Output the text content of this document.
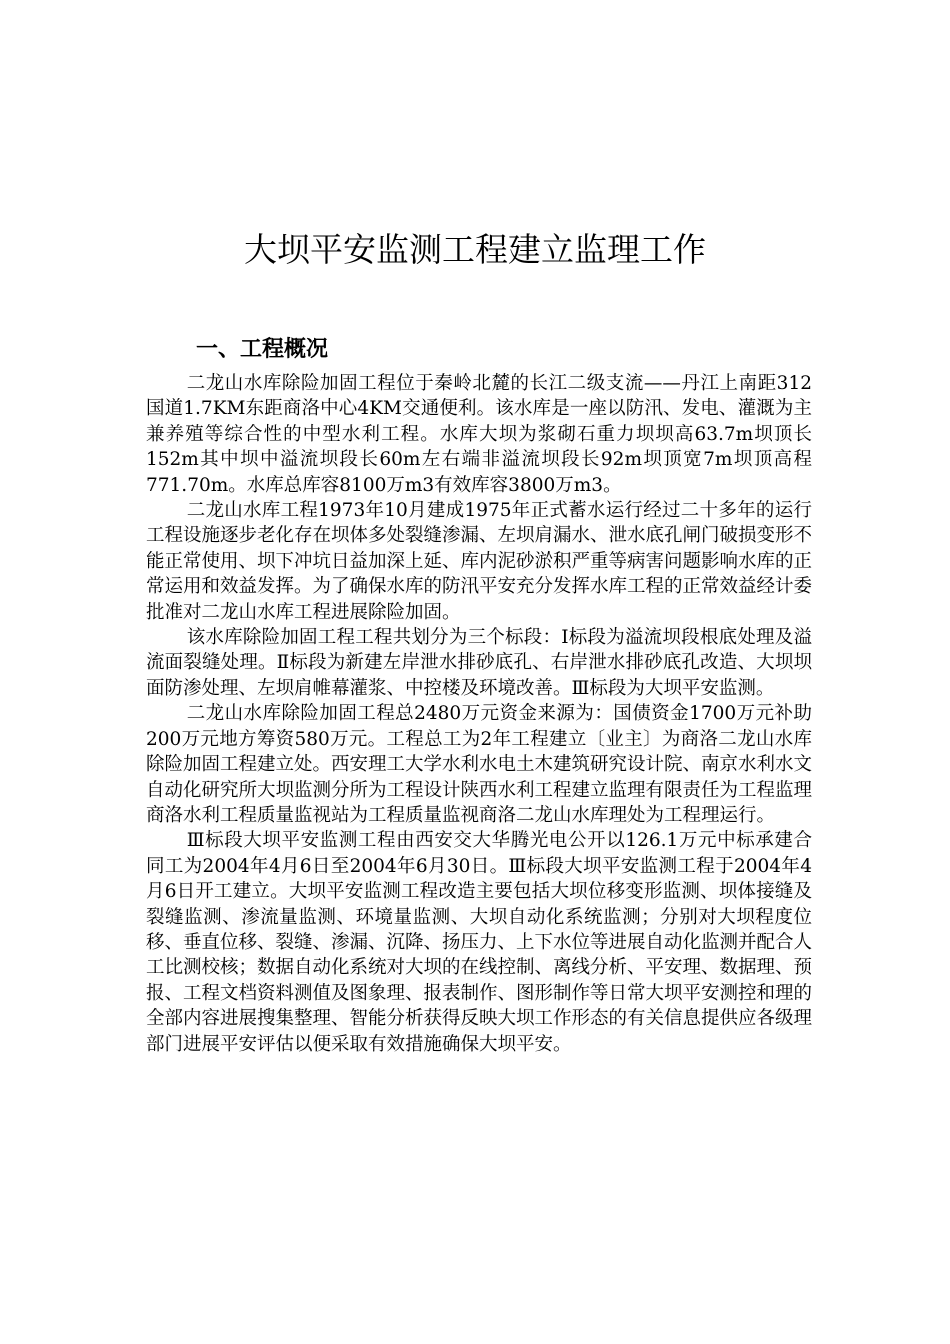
大坝平安监测工程建立监理工作
一、工程概况

二龙山水库除险加固工程位于秦岭北麓的长江二级支流——丹江上南距312国道1.7KM东距商洛中心4KM交通便利。该水库是一座以防汛、发电、灌溉为主兼养殖等综合性的中型水利工程。水库大坝为浆砌石重力坝坝高63.7m坝顶长152m其中坝中溢流坝段长60m左右端非溢流坝段长92m坝顶宽7m坝顶高程771.70m。水库总库容8100万m3有效库容3800万m3。

二龙山水库工程1973年10月建成1975年正式蓄水运行经过二十多年的运行工程设施逐步老化存在坝体多处裂缝渗漏、左坝肩漏水、泄水底孔闸门破损变形不能正常使用、坝下冲坑日益加深上延、库内泥砂淤积严重等病害问题影响水库的正常运用和效益发挥。为了确保水库的防汛平安充分发挥水库工程的正常效益经计委批准对二龙山水库工程进展除险加固。

该水库除险加固工程工程共划分为三个标段：Ⅰ标段为溢流坝段根底处理及溢流面裂缝处理。Ⅱ标段为新建左岸泄水排砂底孔、右岸泄水排砂底孔改造、大坝坝面防渗处理、左坝肩帷幕灌浆、中控楼及环境改善。Ⅲ标段为大坝平安监测。

二龙山水库除险加固工程总2480万元资金来源为：国债资金1700万元补助200万元地方筹资580万元。工程总工为2年工程建立〔业主〕为商洛二龙山水库除险加固工程建立处。西安理工大学水利水电土木建筑研究设计院、南京水利水文自动化研究所大坝监测分所为工程设计陕西水利工程建立监理有限责任为工程监理商洛水利工程质量监视站为工程质量监视商洛二龙山水库理处为工程理运行。

Ⅲ标段大坝平安监测工程由西安交大华腾光电公开以126.1万元中标承建合同工为2004年4月6日至2004年6月30日。Ⅲ标段大坝平安监测工程于2004年4月6日开工建立。大坝平安监测工程改造主要包括大坝位移变形监测、坝体接缝及裂缝监测、渗流量监测、环境量监测、大坝自动化系统监测；分别对大坝程度位移、垂直位移、裂缝、渗漏、沉降、扬压力、上下水位等进展自动化监测并配合人工比测校核；数据自动化系统对大坝的在线控制、离线分析、平安理、数据理、预报、工程文档资料测值及图象理、报表制作、图形制作等日常大坝平安测控和理的全部内容进展搜集整理、智能分析获得反映大坝工作形态的有关信息提供应各级理部门进展平安评估以便采取有效措施确保大坝平安。
